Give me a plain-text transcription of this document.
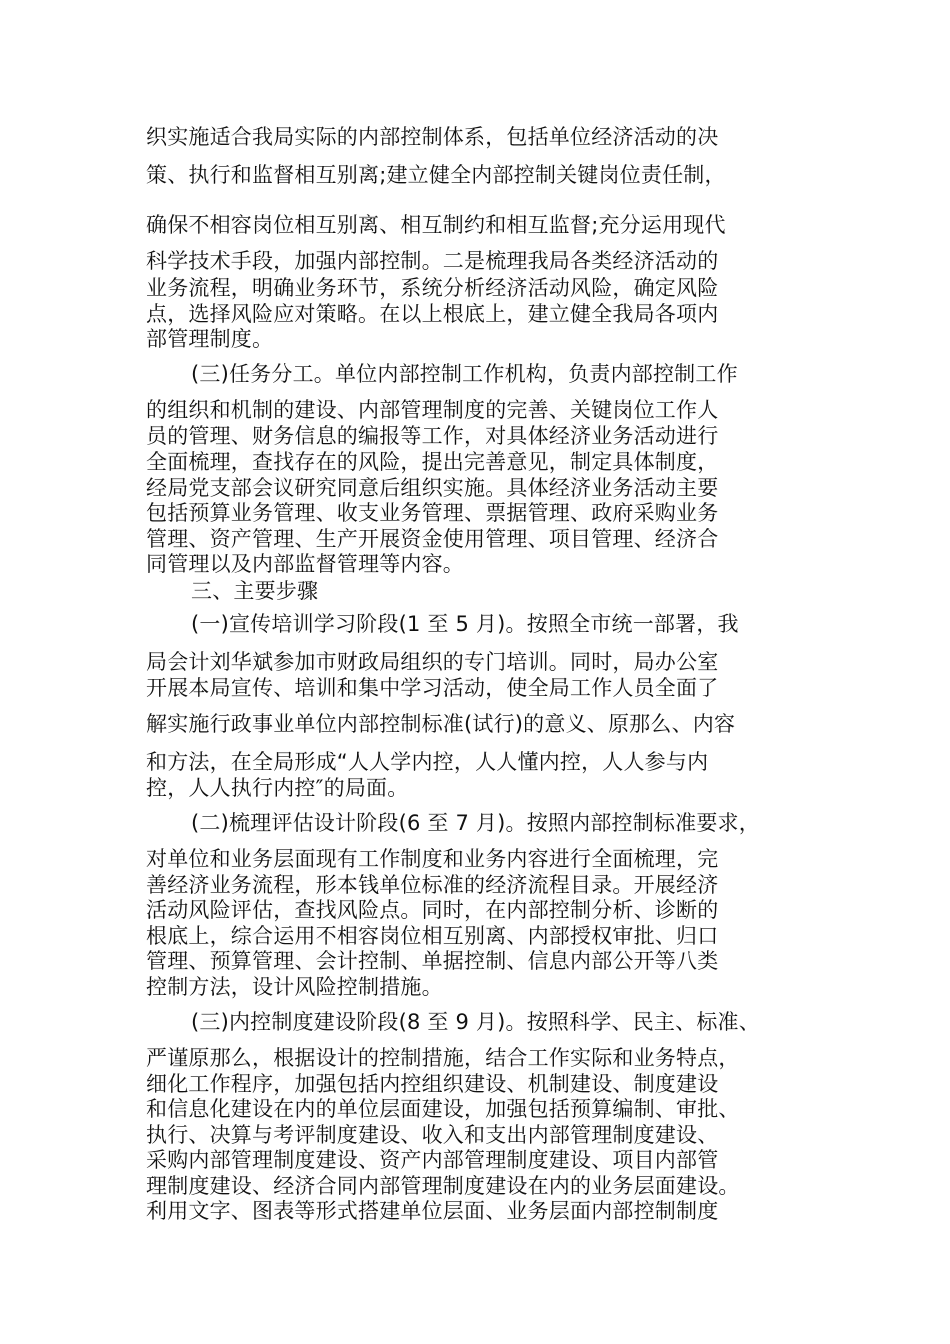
织实施适合我局实际的内部控制体系，包括单位经济活动的决
策、执行和监督相互别离;建立健全内部控制关键岗位责任制，
确保不相容岗位相互别离、相互制约和相互监督;充分运用现代
科学技术手段，加强内部控制。二是梳理我局各类经济活动的
业务流程，明确业务环节，系统分析经济活动风险，确定风险
点，选择风险应对策略。在以上根底上，建立健全我局各项内
部管理制度。
(三)任务分工。单位内部控制工作机构，负责内部控制工作
的组织和机制的建设、内部管理制度的完善、关键岗位工作人
员的管理、财务信息的编报等工作，对具体经济业务活动进行
全面梳理，查找存在的风险，提出完善意见，制定具体制度，
经局党支部会议研究同意后组织实施。具体经济业务活动主要
包括预算业务管理、收支业务管理、票据管理、政府采购业务
管理、资产管理、生产开展资金使用管理、项目管理、经济合
同管理以及内部监督管理等内容。
三、主要步骤
(一)宣传培训学习阶段(1 至 5 月)。按照全市统一部署，我
局会计刘华斌参加市财政局组织的专门培训。同时，局办公室
开展本局宣传、培训和集中学习活动，使全局工作人员全面了
解实施行政事业单位内部控制标准(试行)的意义、原那么、内容
和方法，在全局形成“人人学内控，人人懂内控，人人参与内
控，人人执行内控″的局面。
(二)梳理评估设计阶段(6 至 7 月)。按照内部控制标准要求，
对单位和业务层面现有工作制度和业务内容进行全面梳理，完
善经济业务流程，形本钱单位标准的经济流程目录。开展经济
活动风险评估，查找风险点。同时，在内部控制分析、诊断的
根底上，综合运用不相容岗位相互别离、内部授权审批、归口
管理、预算管理、会计控制、单据控制、信息内部公开等八类
控制方法，设计风险控制措施。
(三)内控制度建设阶段(8 至 9 月)。按照科学、民主、标准、
严谨原那么，根据设计的控制措施，结合工作实际和业务特点，
细化工作程序，加强包括内控组织建设、机制建设、制度建设
和信息化建设在内的单位层面建设，加强包括预算编制、审批、
执行、决算与考评制度建设、收入和支出内部管理制度建设、
采购内部管理制度建设、资产内部管理制度建设、项目内部管
理制度建设、经济合同内部管理制度建设在内的业务层面建设。
利用文字、图表等形式搭建单位层面、业务层面内部控制制度
